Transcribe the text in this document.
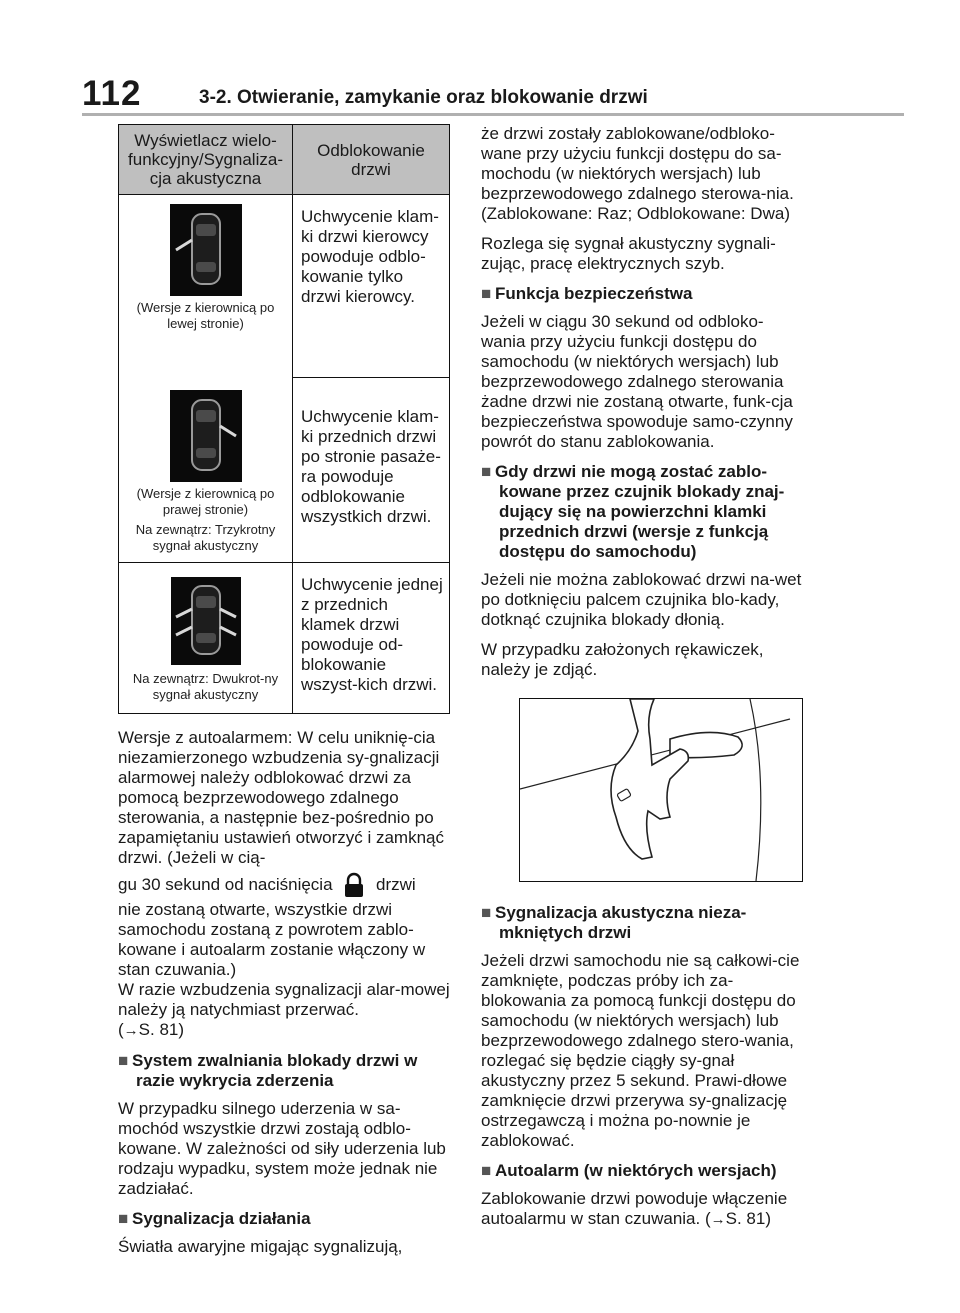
112	3-2. Otwieranie, zamykanie oraz blokowanie drzwi
Wyświetlacz wielo-funkcyjny/Sygnaliza-cja akustyczna	Odblokowanie drzwi

(Wersje z kierownicą po lewej stronie)	Uchwycenie klam-ki drzwi kierowcy powoduje odblo-kowanie tylko drzwi kierowcy.

(Wersje z kierownicą po prawej stronie)
Na zewnątrz: Trzykrotny sygnał akustyczny	Uchwycenie klam-ki przednich drzwi po stronie pasaże-ra powoduje odblokowanie wszystkich drzwi.

Na zewnątrz: Dwukrot-ny sygnał akustyczny	Uchwycenie jednej z przednich klamek drzwi powoduje od-blokowanie wszyst-kich drzwi.

Wersje z autoalarmem: W celu uniknię-cia niezamierzonego wzbudzenia sy-gnalizacji alarmowej należy odblokować drzwi za pomocą bezprzewodowego zdalnego sterowania, a następnie bez-pośrednio po zapamiętaniu ustawień otworzyć i zamknąć drzwi. (Jeżeli w cią-

gu 30 sekund od naciśnięcia	drzwi

nie zostaną otwarte, wszystkie drzwi samochodu zostaną z powrotem zablo-kowane i autoalarm zostanie włączony w stan czuwania.)

W razie wzbudzenia sygnalizacji alar-mowej należy ją natychmiast przerwać.

(→S. 81)

■ System zwalniania blokady drzwi w razie wykrycia zderzenia

W przypadku silnego uderzenia w sa-mochód wszystkie drzwi zostają odblo-kowane. W zależności od siły uderzenia lub rodzaju wypadku, system może jednak nie zadziałać.

■ Sygnalizacja działania

Światła awaryjne migając sygnalizują,

że drzwi zostały zablokowane/odbloko-wane przy użyciu funkcji dostępu do sa-mochodu (w niektórych wersjach) lub bezprzewodowego zdalnego sterowa-nia. (Zablokowane: Raz; Odblokowane: Dwa)

Rozlega się sygnał akustyczny sygnali-zując, pracę elektrycznych szyb.

■ Funkcja bezpieczeństwa

Jeżeli w ciągu 30 sekund od odbloko-wania przy użyciu funkcji dostępu do samochodu (w niektórych wersjach) lub bezprzewodowego zdalnego sterowania żadne drzwi nie zostaną otwarte, funk-cja bezpieczeństwa spowoduje samo-czynny powrót do stanu zablokowania.

■ Gdy drzwi nie mogą zostać zablo-kowane przez czujnik blokady znaj-dujący się na powierzchni klamki przednich drzwi (wersje z funkcją dostępu do samochodu)

Jeżeli nie można zablokować drzwi na-wet po dotknięciu palcem czujnika blo-kady, dotknąć czujnika blokady dłonią.

W przypadku założonych rękawiczek, należy je zdjąć.

■ Sygnalizacja akustyczna nieza-mkniętych drzwi

Jeżeli drzwi samochodu nie są całkowi-cie zamknięte, podczas próby ich za-blokowania za pomocą funkcji dostępu do samochodu (w niektórych wersjach) lub bezprzewodowego zdalnego stero-wania, rozlegać się będzie ciągły sy-gnał akustyczny przez 5 sekund. Prawi-dłowe zamknięcie drzwi przerywa sy-gnalizację ostrzegawczą i można po-nownie je zablokować.

■ Autoalarm (w niektórych wersjach)

Zablokowanie drzwi powoduje włączenie autoalarmu w stan czuwania. (→S. 81)
